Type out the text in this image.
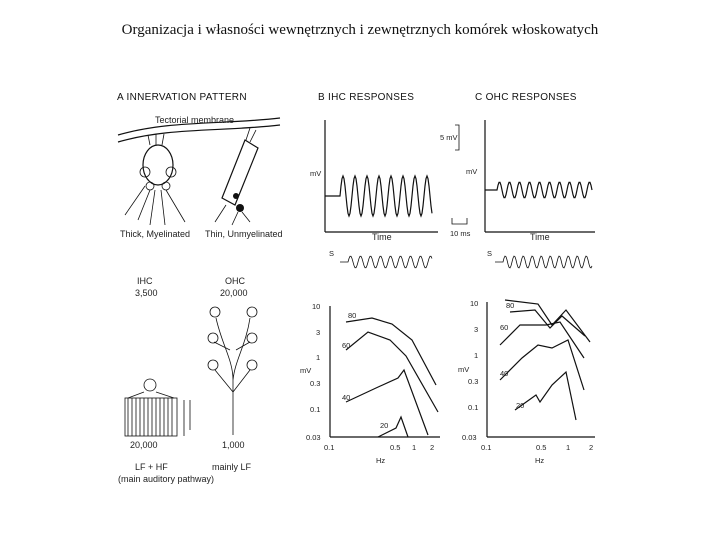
Organizacja i własności wewnętrznych i zewnętrznych komórek włoskowatych
A INNERVATION PATTERN
Tectorial membrane
Thick, Myelinated Thin, Unmyelinated
IHC
3,500
OHC
20,000
20,000	1,000
LF + HF
(main auditory pathway)
mainly LF
B IHC RESPONSES
mV
Time	10 ms
S
10
3
1
0.3
0.1
0.03
mV
0.1	0.5 1 2
Hz
80
60
40
20
C OHC RESPONSES
5 mV
mV
Time
S
10
3
1
0.3
0.1
0.03
mV
0.1	0.5	1	2
Hz
80
60
40
20
